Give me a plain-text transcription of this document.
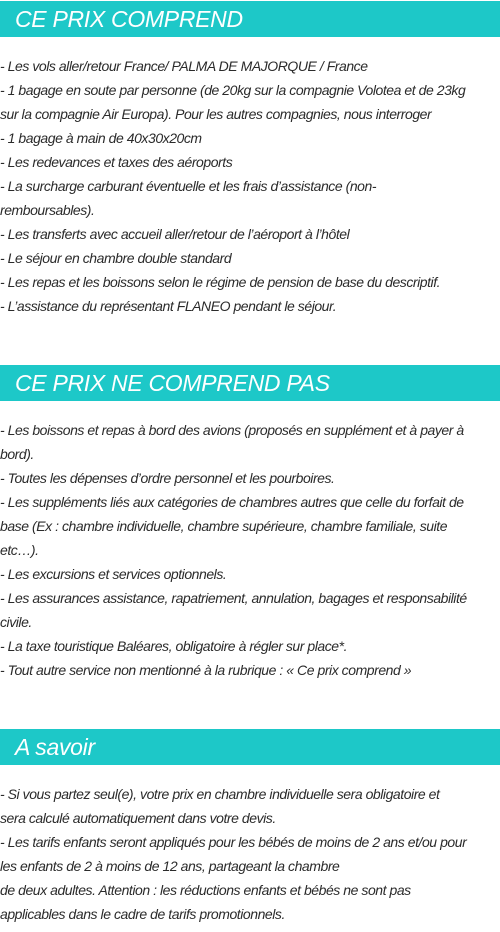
CE PRIX COMPREND
- Les vols aller/retour France/ PALMA DE MAJORQUE / France
- 1 bagage en soute par personne (de 20kg sur la compagnie Volotea et de 23kg
sur la compagnie Air Europa). Pour les autres compagnies, nous interroger
- 1 bagage à main de 40x30x20cm
- Les redevances et taxes des aéroports
- La surcharge carburant éventuelle et les frais d’assistance (non-
remboursables).
- Les transferts avec accueil aller/retour de l’aéroport à l’hôtel
- Le séjour en chambre double standard
- Les repas et les boissons selon le régime de pension de base du descriptif.
- L’assistance du représentant FLANEO pendant le séjour.
CE PRIX NE COMPREND PAS
- Les boissons et repas à bord des avions (proposés en supplément et à payer à
bord).
- Toutes les dépenses d’ordre personnel et les pourboires.
- Les suppléments liés aux catégories de chambres autres que celle du forfait de
base (Ex : chambre individuelle, chambre supérieure, chambre familiale, suite
etc…).
- Les excursions et services optionnels.
- Les assurances assistance, rapatriement, annulation, bagages et responsabilité
civile.
- La taxe touristique Baléares, obligatoire à régler sur place*.
- Tout autre service non mentionné à la rubrique : « Ce prix comprend »
A savoir
- Si vous partez seul(e), votre prix en chambre individuelle sera obligatoire et
sera calculé automatiquement dans votre devis.
- Les tarifs enfants seront appliqués pour les bébés de moins de 2 ans et/ou pour
les enfants de 2 à moins de 12 ans, partageant la chambre
de deux adultes. Attention : les réductions enfants et bébés ne sont pas
applicables dans le cadre de tarifs promotionnels.
